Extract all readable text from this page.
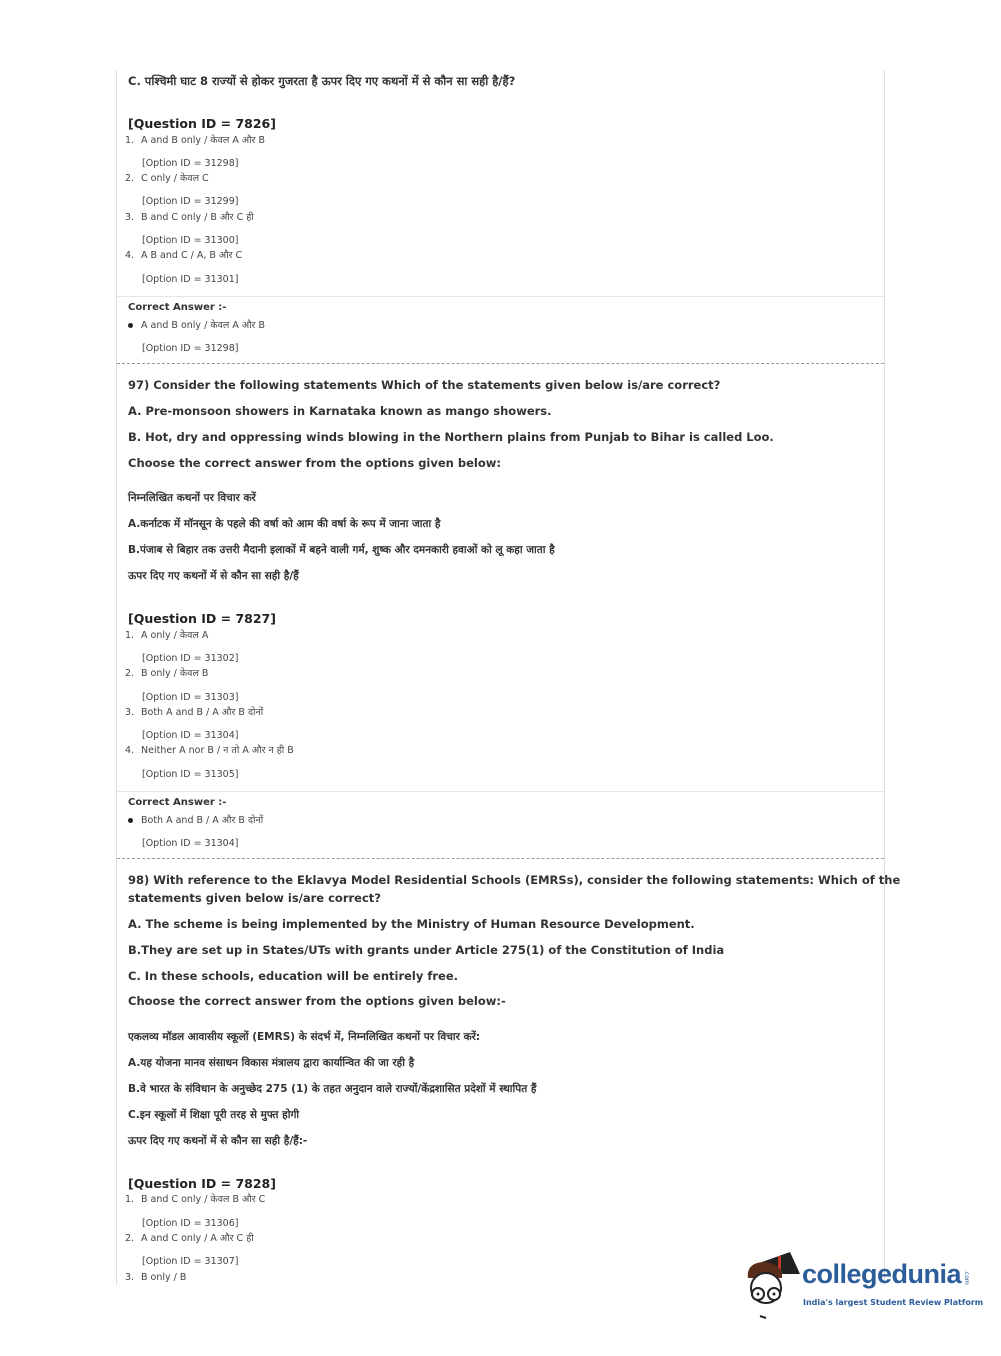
C. पश्चिमी घाट 8 राज्यों से होकर गुजरता है ऊपर दिए गए कथनों में से कौन सा सही है/हैं?
[Question ID = 7826]
1. A and B only / केवल A और B
[Option ID = 31298]
2. C only / केवल C
[Option ID = 31299]
3. B and C only / B और C ही
[Option ID = 31300]
4. A B and C / A, B और C
[Option ID = 31301]
Correct Answer :-
A and B only / केवल A और B
[Option ID = 31298]
97) Consider the following statements Which of the statements given below is/are correct?
A. Pre-monsoon showers in Karnataka known as mango showers.
B. Hot, dry and oppressing winds blowing in the Northern plains from Punjab to Bihar is called Loo.
Choose the correct answer from the options given below:
निम्नलिखित कथनों पर विचार करें
A.कर्नाटक में मॉनसून के पहले की वर्षा को आम की वर्षा के रूप में जाना जाता है
B.पंजाब से बिहार तक उत्तरी मैदानी इलाकों में बहने वाली गर्म, शुष्क और दमनकारी हवाओं को लू कहा जाता है
ऊपर दिए गए कथनों में से कौन सा सही है/हैं
[Question ID = 7827]
1. A only / केवल A
[Option ID = 31302]
2. B only / केवल B
[Option ID = 31303]
3. Both A and B / A और B दोनों
[Option ID = 31304]
4. Neither A nor B / न तो A और न ही B
[Option ID = 31305]
Correct Answer :-
Both A and B / A और B दोनों
[Option ID = 31304]
98) With reference to the Eklavya Model Residential Schools (EMRSs), consider the following statements: Which of the
statements given below is/are correct?
A. The scheme is being implemented by the Ministry of Human Resource Development.
B.They are set up in States/UTs with grants under Article 275(1) of the Constitution of India
C. In these schools, education will be entirely free.
Choose the correct answer from the options given below:-
एकलव्य मॉडल आवासीय स्कूलों (EMRS) के संदर्भ में, निम्नलिखित कथनों पर विचार करें:
A.यह योजना मानव संसाधन विकास मंत्रालय द्वारा कार्यान्वित की जा रही है
B.वे भारत के संविधान के अनुच्छेद 275 (1) के तहत अनुदान वाले राज्यों/केंद्रशासित प्रदेशों में स्थापित हैं
C.इन स्कूलों में शिक्षा पूरी तरह से मुफ्त होगी
ऊपर दिए गए कथनों में से कौन सा सही है/हैं:-
[Question ID = 7828]
1. B and C only / केवल B और C
[Option ID = 31306]
2. A and C only / A और C ही
[Option ID = 31307]
3. B only / B	collegedunia .com
India's largest Student Review Platform
